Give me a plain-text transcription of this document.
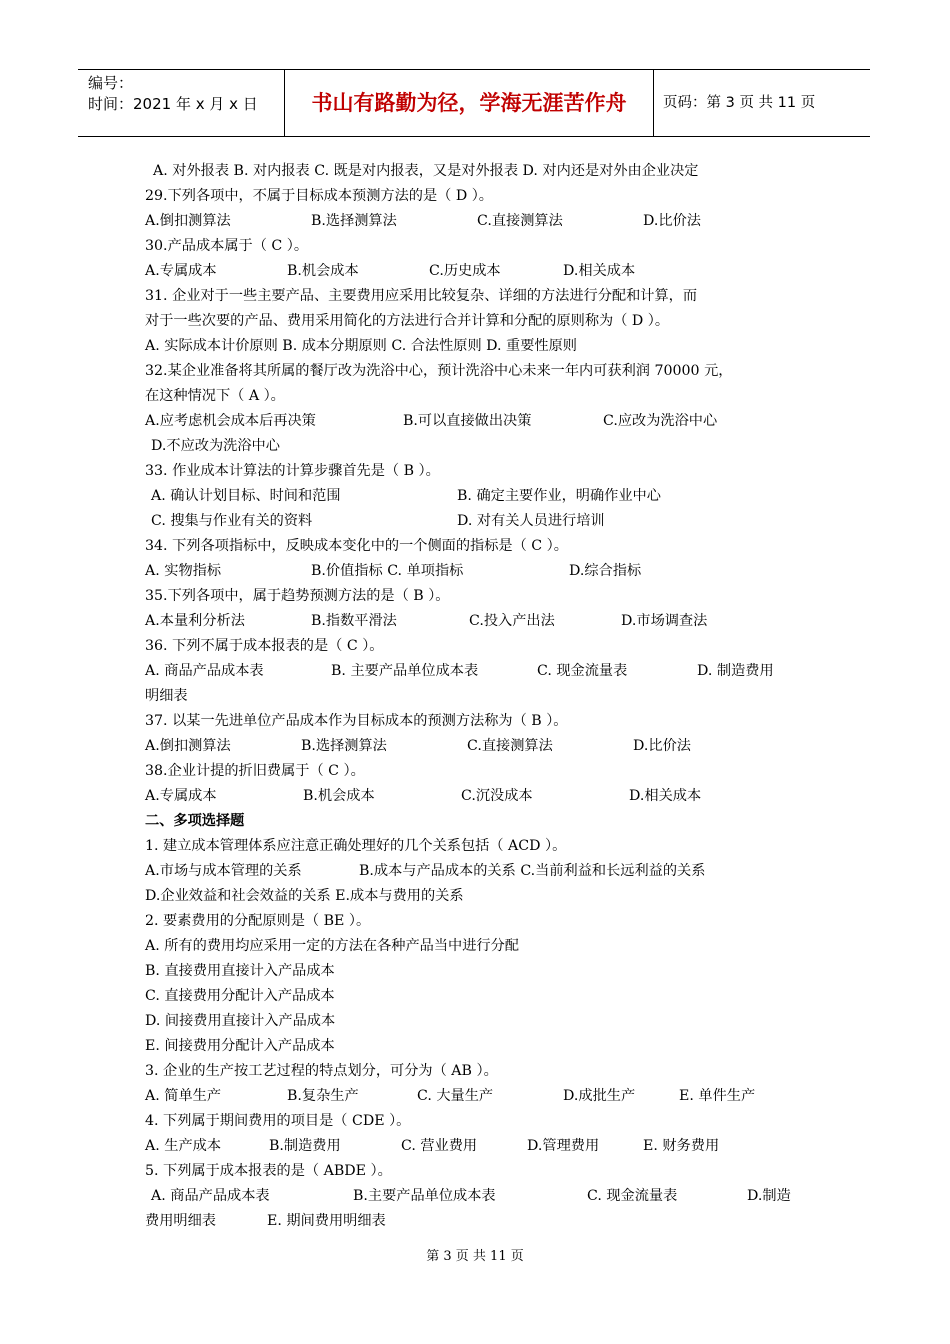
编号：
时间：2021 年 x 月 x 日	书山有路勤为径，学海无涯苦作舟	页码：第 3 页 共 11 页
A. 对外报表 B. 对内报表 C. 既是对内报表，又是对外报表 D. 对内还是对外由企业决定
29.下列各项中，不属于目标成本预测方法的是（ D ）。
A.倒扣测算法	B.选择测算法	C.直接测算法	D.比价法
30.产品成本属于（ C ）。
A.专属成本	B.机会成本	C.历史成本	D.相关成本
31. 企业对于一些主要产品、主要费用应采用比较复杂、详细的方法进行分配和计算，而
对于一些次要的产品、费用采用简化的方法进行合并计算和分配的原则称为（ D ）。
A. 实际成本计价原则 B. 成本分期原则 C. 合法性原则 D. 重要性原则
32.某企业准备将其所属的餐厅改为洗浴中心，预计洗浴中心未来一年内可获利润 70000 元，
在这种情况下（ A ）。
A.应考虑机会成本后再决策	B.可以直接做出决策	C.应改为洗浴中心
D.不应改为洗浴中心
33. 作业成本计算法的计算步骤首先是（ B ）。
A. 确认计划目标、时间和范围	B. 确定主要作业，明确作业中心
C. 搜集与作业有关的资料	D. 对有关人员进行培训
34. 下列各项指标中，反映成本变化中的一个侧面的指标是（ C ）。
A. 实物指标	B.价值指标 C. 单项指标	D.综合指标
35.下列各项中，属于趋势预测方法的是（ B ）。
A.本量利分析法	B.指数平滑法	C.投入产出法	D.市场调查法
36. 下列不属于成本报表的是（ C ）。
A. 商品产品成本表	B. 主要产品单位成本表	C. 现金流量表	D. 制造费用
明细表
37. 以某一先进单位产品成本作为目标成本的预测方法称为（ B ）。
A.倒扣测算法	B.选择测算法	C.直接测算法	D.比价法
38.企业计提的折旧费属于（ C ）。
A.专属成本	B.机会成本	C.沉没成本	D.相关成本
二、多项选择题
1. 建立成本管理体系应注意正确处理好的几个关系包括（ ACD ）。
A.市场与成本管理的关系	B.成本与产品成本的关系 C.当前利益和长远利益的关系
D.企业效益和社会效益的关系 E.成本与费用的关系
2. 要素费用的分配原则是（ BE ）。
A. 所有的费用均应采用一定的方法在各种产品当中进行分配
B. 直接费用直接计入产品成本
C. 直接费用分配计入产品成本
D. 间接费用直接计入产品成本
E. 间接费用分配计入产品成本
3. 企业的生产按工艺过程的特点划分，可分为（ AB ）。
A. 简单生产	B.复杂生产	C. 大量生产	D.成批生产	E. 单件生产
4. 下列属于期间费用的项目是（ CDE ）。
A. 生产成本	B.制造费用	C. 营业费用	D.管理费用	E. 财务费用
5. 下列属于成本报表的是（ ABDE ）。
A. 商品产品成本表	B.主要产品单位成本表	C. 现金流量表	D.制造
费用明细表	E. 期间费用明细表
第 3 页 共 11 页
